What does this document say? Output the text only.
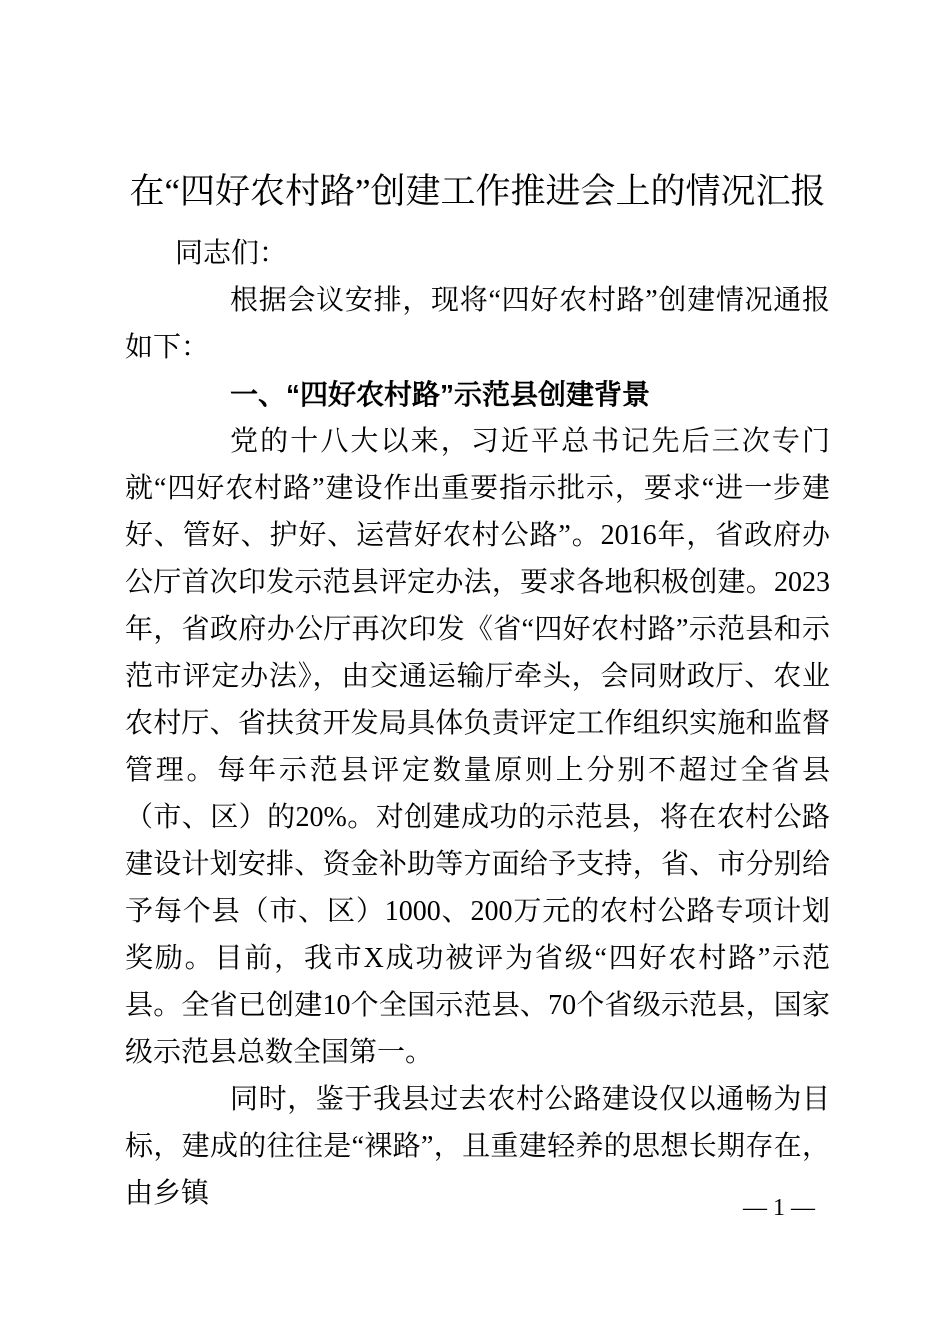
在“四好农村路”创建工作推进会上的情况汇报

同志们：

根据会议安排，现将“四好农村路”创建情况通报如下：

一、“四好农村路”示范县创建背景

党的十八大以来，习近平总书记先后三次专门就“四好农村路”建设作出重要指示批示，要求“进一步建好、管好、护好、运营好农村公路”。2016年，省政府办公厅首次印发示范县评定办法，要求各地积极创建。2023年，省政府办公厅再次印发《省“四好农村路”示范县和示范市评定办法》，由交通运输厅牵头，会同财政厅、农业农村厅、省扶贫开发局具体负责评定工作组织实施和监督管理。每年示范县评定数量原则上分别不超过全省县（市、区）的20%。对创建成功的示范县，将在农村公路建设计划安排、资金补助等方面给予支持，省、市分别给予每个县（市、区）1000、200万元的农村公路专项计划奖励。目前，我市X成功被评为省级“四好农村路”示范县。全省已创建10个全国示范县、70个省级示范县，国家级示范县总数全国第一。

同时，鉴于我县过去农村公路建设仅以通畅为目标，建成的往往是“裸路”，且重建轻养的思想长期存在，由乡镇	— 1 —
